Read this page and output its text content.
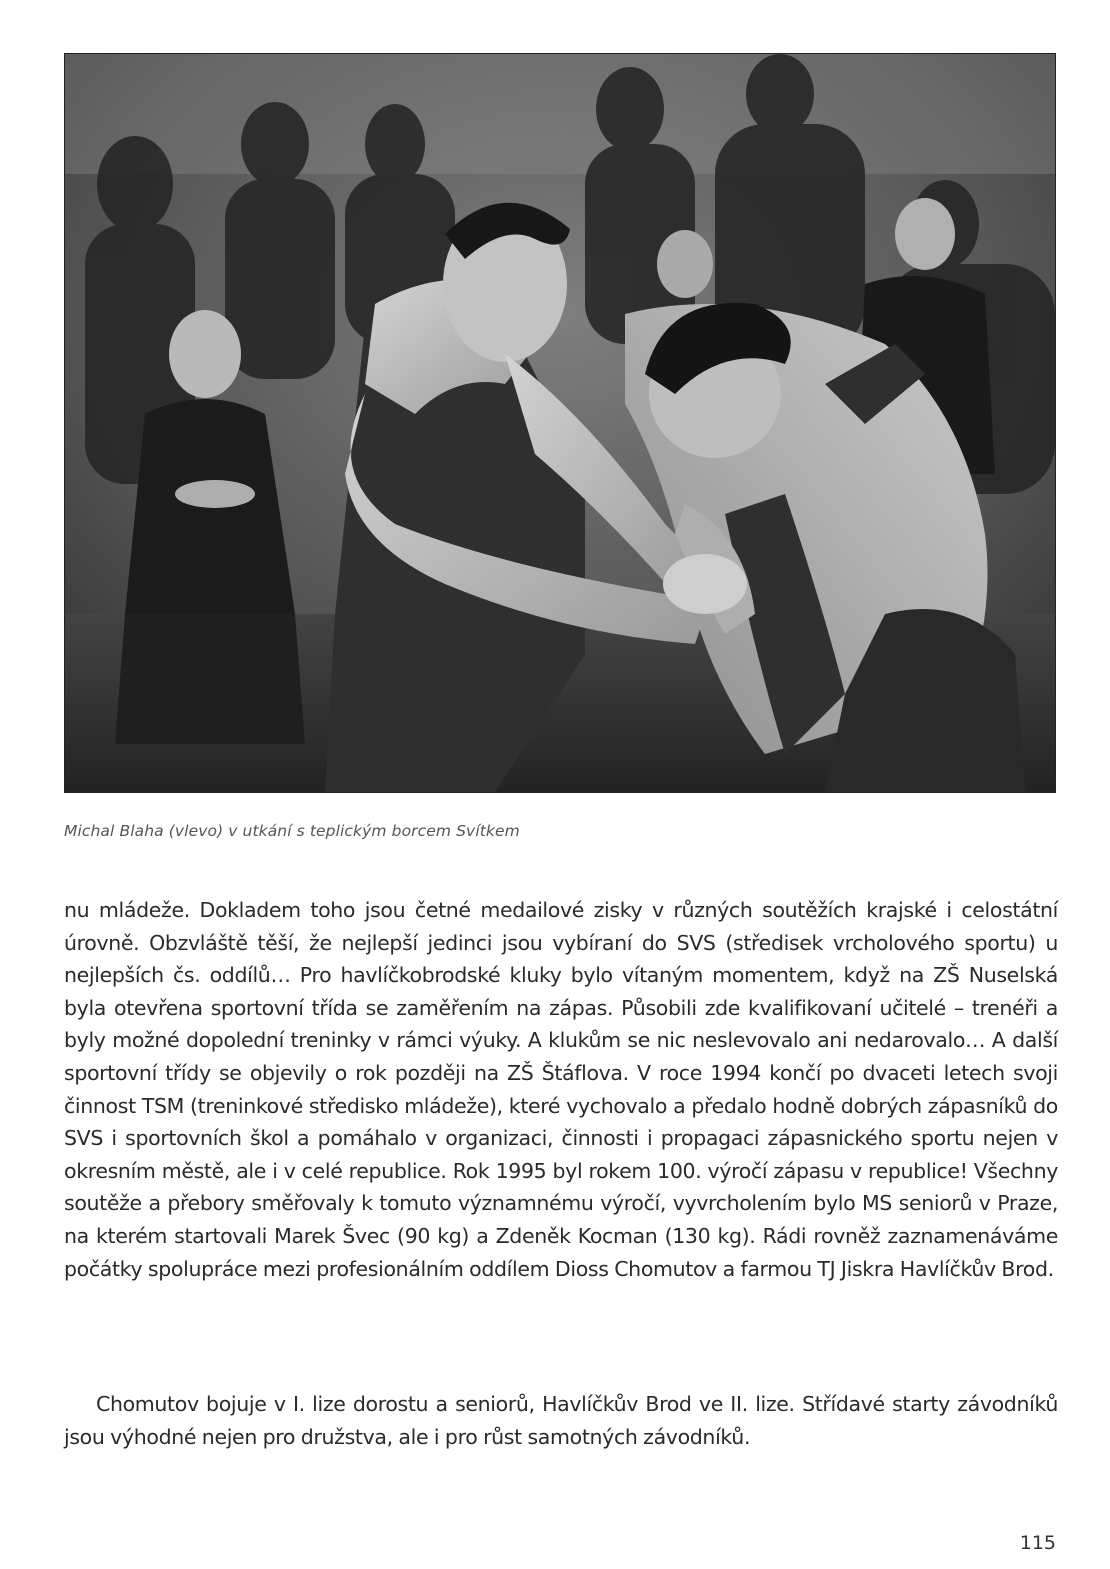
Michal Blaha (vlevo) v utkání s teplickým borcem Svítkem

nu mládeže. Dokladem toho jsou četné medailové zisky v různých soutěžích krajské i celostátní úrovně. Obzvláště těší, že nejlepší jedinci jsou vybíraní do SVS (středisek vrcholového sportu) u nejlepších čs. oddílů… Pro havlíčkobrodské kluky bylo vítaným momentem, když na ZŠ Nuselská byla otevřena sportovní třída se zaměřením na zápas. Působili zde kvalifikovaní učitelé – trenéři a byly možné dopolední treninky v rámci výuky. A klukům se nic neslevovalo ani nedarovalo… A další sportovní třídy se objevily o rok později na ZŠ Štáflova. V roce 1994 končí po dvaceti letech svoji činnost TSM (treninkové středisko mládeže), které vychovalo a předalo hodně dobrých zápasníků do SVS i sportovních škol a pomáhalo v organizaci, činnosti i propagaci zápasnického sportu nejen v okresním městě, ale i v celé republice. Rok 1995 byl rokem 100. výročí zápasu v republice! Všechny soutěže a přebory směřovaly k tomuto významnému výročí, vyvrcholením bylo MS seniorů v Praze, na kterém startovali Marek Švec (90 kg) a Zdeněk Kocman (130 kg). Rádi rovněž zaznamenáváme počátky spolupráce mezi profesionálním oddílem Dioss Chomutov a farmou TJ Jiskra Havlíčkův Brod.

Chomutov bojuje v I. lize dorostu a seniorů, Havlíčkův Brod ve II. lize. Střídavé starty závodníků jsou výhodné nejen pro družstva, ale i pro růst samotných závodníků.

115
